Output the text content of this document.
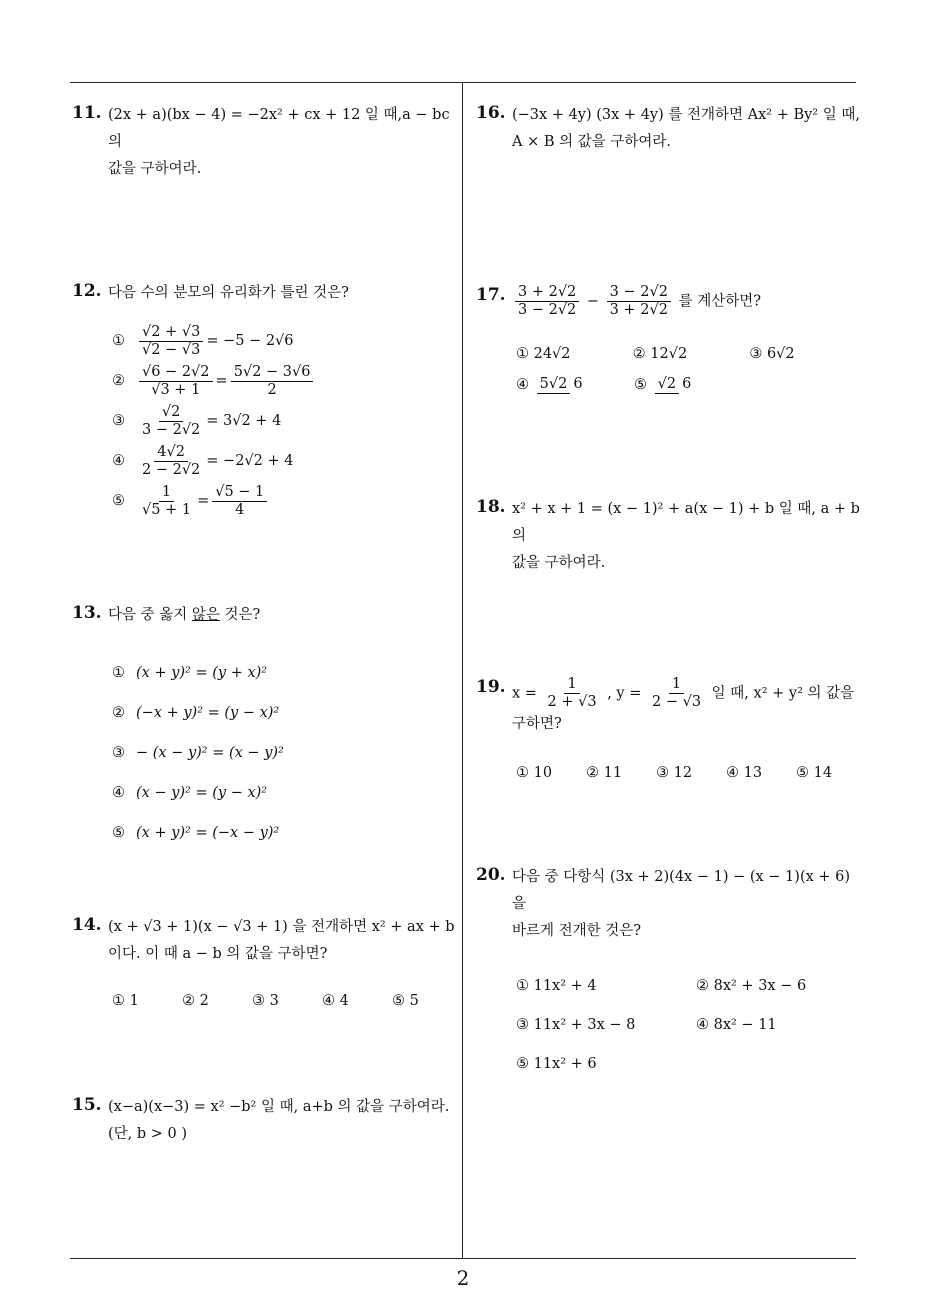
2
11. (2x + a)(bx − 4) = −2x² + cx + 12 일 때,a − bc 의
값을 구하여라.
12. 다음 수의 분모의 유리화가 틀린 것은?
① $\frac{√2 + √3}{√2 - √3} = -5 - 2√6$
② $\frac{√6 - 2√2}{√3 + 1} = \frac{5√2 - 3√6}{2}$
③ $\frac{√2}{3 - 2√2} = 3√2 + 4$
④ $\frac{4√2}{2 - 2√2} = -2√2 + 4$
⑤ $\frac{1}{√5 + 1} = \frac{√5 - 1}{4}$
13. 다음 중 옳지 않은 것은?
① (x + y)² = (y + x)²
② (−x + y)² = (y − x)²
③ − (x − y)² = (x − y)²
④ (x − y)² = (y − x)²
⑤ (x + y)² = (−x − y)²
14. (x + √3 + 1)(x − √3 + 1) 을 전개하면 x² + ax + b
이다. 이 때 a − b 의 값을 구하면?
① 1	② 2	③ 3	④ 4	⑤ 5
15. (x−a)(x−3) = x² −b² 일 때, a+b 의 값을 구하여라.
(단, b > 0 )
16. (−3x + 4y) (3x + 4y) 를 전개하면 Ax² + By² 일 때,
A × B 의 값을 구하여라.
17. $\frac{3 + 2√2}{3 - 2√2} - \frac{3 - 2√2}{3 + 2√2}$ 를 계산하면?
① 24√2	② 12√2	③ 6√2
④ 5√2 6	⑤ √2 6
18. x² + x + 1 = (x − 1)² + a(x − 1) + b 일 때, a + b 의
값을 구하여라.
19. $x = \frac{1}{2 + √3}$ , $y = \frac{1}{2 - √3}$ 일 때, x² + y² 의 값을
구하면?
① 10	② 11	③ 12	④ 13	⑤ 14
20. 다음 중 다항식 (3x + 2)(4x − 1) − (x − 1)(x + 6) 을
바르게 전개한 것은?
① 11x² + 4	② 8x² + 3x − 6
③ 11x² + 3x − 8	④ 8x² − 11
⑤ 11x² + 6
